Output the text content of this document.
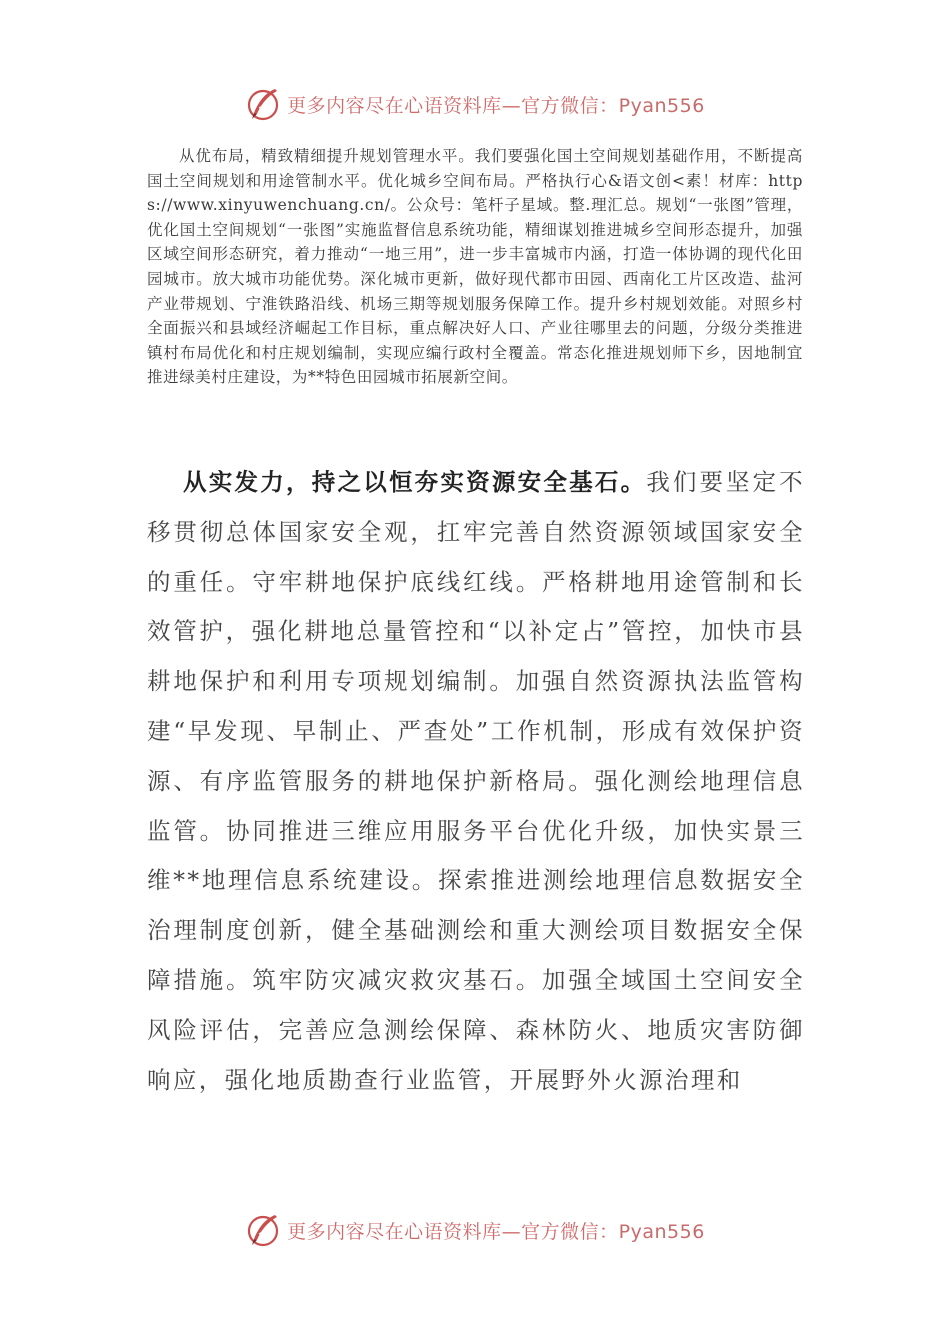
更多内容尽在心语资料库—官方微信：Pyan556

从优布局，精致精细提升规划管理水平。我们要强化国土空间规划基础作用，不断提高国土空间规划和用途管制水平。优化城乡空间布局。严格执行心&语文创<素！材库：https://www.xinyuwenchuang.cn/。公众号：笔杆子星域。整.理汇总。规划“一张图”管理，优化国土空间规划“一张图”实施监督信息系统功能，精细谋划推进城乡空间形态提升，加强区域空间形态研究，着力推动“一地三用”，进一步丰富城市内涵，打造一体协调的现代化田园城市。放大城市功能优势。深化城市更新，做好现代都市田园、西南化工片区改造、盐河产业带规划、宁淮铁路沿线、机场三期等规划服务保障工作。提升乡村规划效能。对照乡村全面振兴和县域经济崛起工作目标，重点解决好人口、产业往哪里去的问题，分级分类推进镇村布局优化和村庄规划编制，实现应编行政村全覆盖。常态化推进规划师下乡，因地制宜推进绿美村庄建设，为**特色田园城市拓展新空间。

从实发力，持之以恒夯实资源安全基石。我们要坚定不移贯彻总体国家安全观，扛牢完善自然资源领域国家安全的重任。守牢耕地保护底线红线。严格耕地用途管制和长效管护，强化耕地总量管控和“以补定占”管控，加快市县耕地保护和利用专项规划编制。加强自然资源执法监管构建“早发现、早制止、严查处”工作机制，形成有效保护资源、有序监管服务的耕地保护新格局。强化测绘地理信息监管。协同推进三维应用服务平台优化升级，加快实景三维**地理信息系统建设。探索推进测绘地理信息数据安全治理制度创新，健全基础测绘和重大测绘项目数据安全保障措施。筑牢防灾减灾救灾基石。加强全域国土空间安全风险评估，完善应急测绘保障、森林防火、地质灾害防御响应，强化地质勘查行业监管，开展野外火源治理和

更多内容尽在心语资料库—官方微信：Pyan556
